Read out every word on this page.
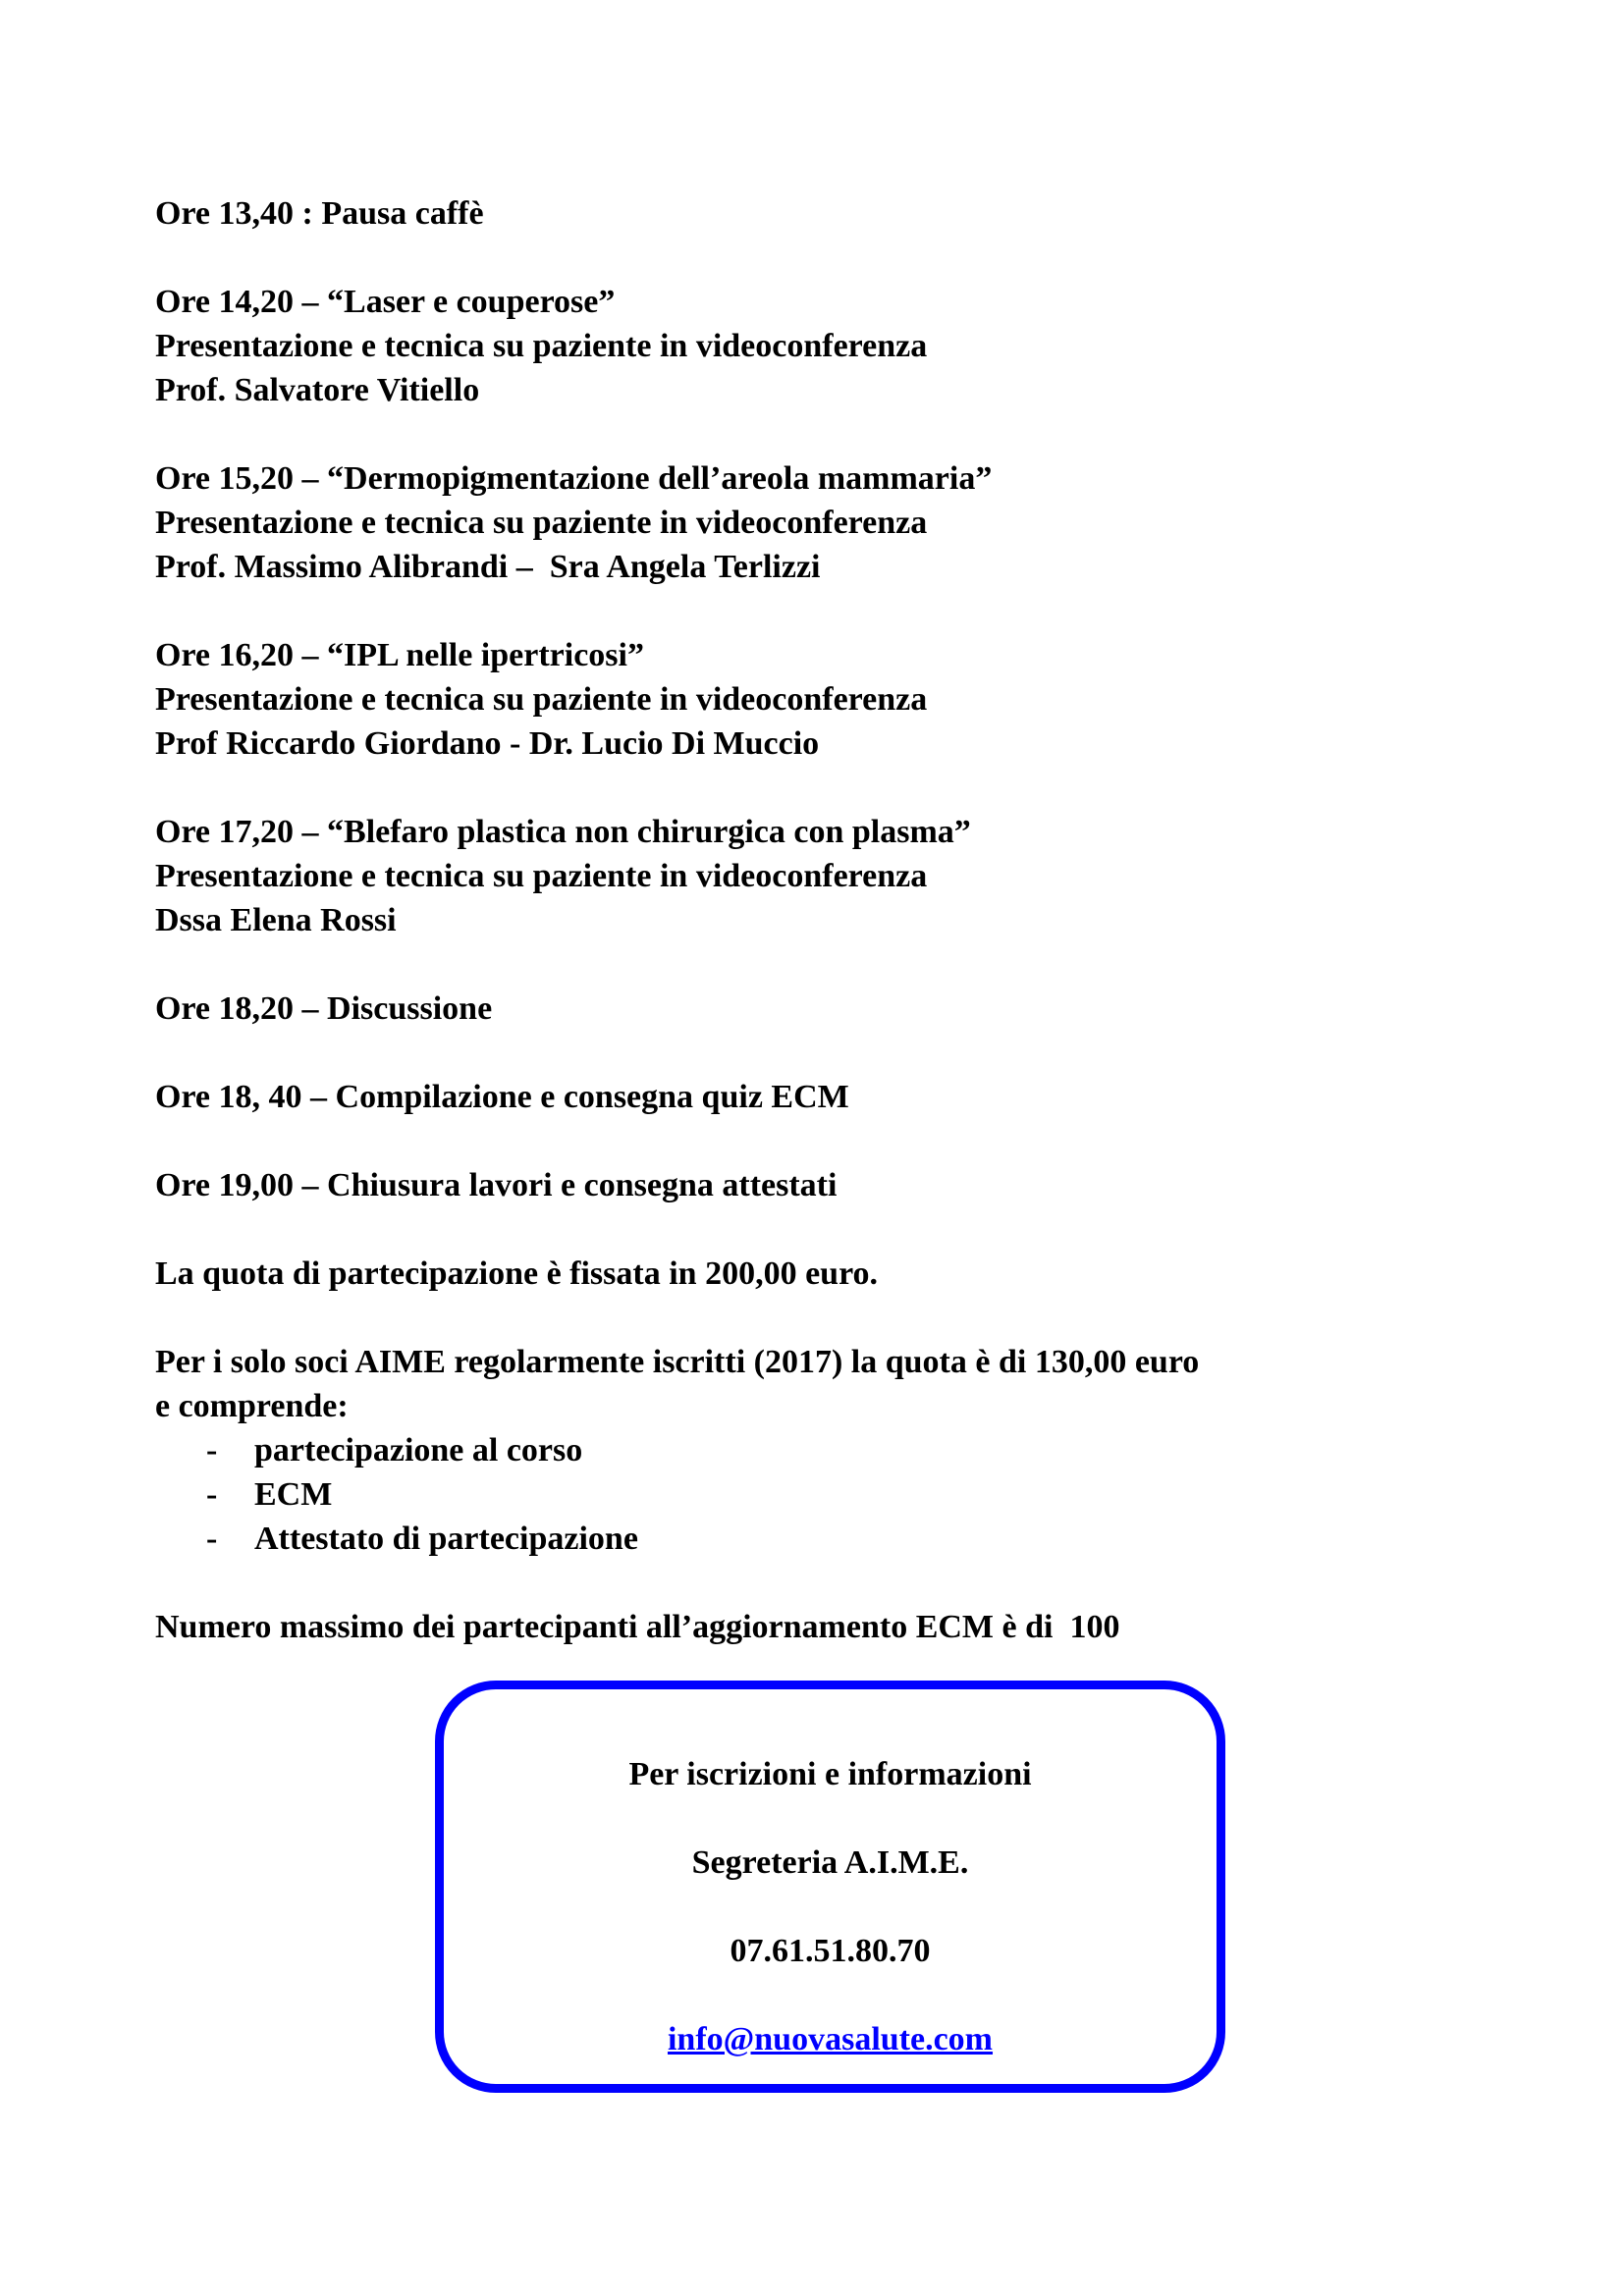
Ore 13,40 : Pausa caffè
Ore 14,20 – “Laser e couperose”
Presentazione e tecnica su paziente in videoconferenza
Prof. Salvatore Vitiello
Ore 15,20 – “Dermopigmentazione dell’areola mammaria”
Presentazione e tecnica su paziente in videoconferenza
Prof. Massimo Alibrandi –  Sra Angela Terlizzi
Ore 16,20 – “IPL nelle ipertricosi”
Presentazione e tecnica su paziente in videoconferenza
Prof Riccardo Giordano - Dr. Lucio Di Muccio
Ore 17,20 – “Blefaro plastica non chirurgica con plasma”
Presentazione e tecnica su paziente in videoconferenza
Dssa Elena Rossi
Ore 18,20 – Discussione
Ore 18, 40 – Compilazione e consegna quiz ECM
Ore 19,00 – Chiusura lavori e consegna attestati
La quota di partecipazione è fissata in 200,00 euro.
Per i solo soci AIME regolarmente iscritti (2017) la quota è di 130,00 euro
e comprende:
- partecipazione al corso
- ECM
- Attestato di partecipazione
Numero massimo dei partecipanti all’aggiornamento ECM è di  100
Per iscrizioni e informazioni
Segreteria A.I.M.E.
07.61.51.80.70
info@nuovasalute.com
